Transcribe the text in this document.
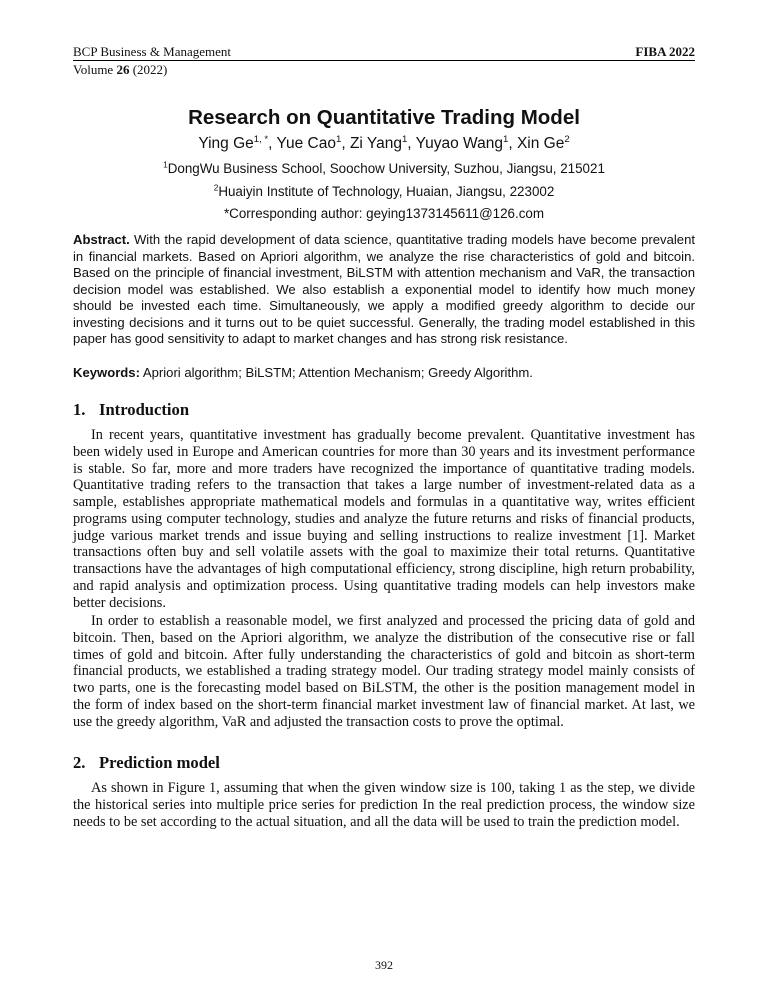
BCP Business & Management	FIBA 2022
Volume 26 (2022)
Research on Quantitative Trading Model
Ying $Ge^{1, *}$, Yue Cao$^1$, Zi Yang$^1$, Yuyao Wang$^1$, Xin Ge$^2$
$^1$DongWu Business School, Soochow University, Suzhou, Jiangsu, 215021
$^2$Huaiyin Institute of Technology, Huaian, Jiangsu, 223002
*Corresponding author: geying1373145611@126.com
Abstract. With the rapid development of data science, quantitative trading models have become prevalent in financial markets. Based on Apriori algorithm, we analyze the rise characteristics of gold and bitcoin. Based on the principle of financial investment, BiLSTM with attention mechanism and VaR, the transaction decision model was established. We also establish a exponential model to identify how much money should be invested each time. Simultaneously, we apply a modified greedy algorithm to decide our investing decisions and it turns out to be quiet successful. Generally, the trading model established in this paper has good sensitivity to adapt to market changes and has strong risk resistance.
Keywords: Apriori algorithm; BiLSTM; Attention Mechanism; Greedy Algorithm.
1. Introduction
In recent years, quantitative investment has gradually become prevalent. Quantitative investment has been widely used in Europe and American countries for more than 30 years and its investment performance is stable. So far, more and more traders have recognized the importance of quantitative trading models. Quantitative trading refers to the transaction that takes a large number of investment-related data as a sample, establishes appropriate mathematical models and formulas in a quantitative way, writes efficient programs using computer technology, studies and analyze the future returns and risks of financial products, judge various market trends and issue buying and selling instructions to realize investment [1]. Market transactions often buy and sell volatile assets with the goal to maximize their total returns. Quantitative transactions have the advantages of high computational efficiency, strong discipline, high return probability, and rapid analysis and optimization process. Using quantitative trading models can help investors make better decisions.
In order to establish a reasonable model, we first analyzed and processed the pricing data of gold and bitcoin. Then, based on the Apriori algorithm, we analyze the distribution of the consecutive rise or fall times of gold and bitcoin. After fully understanding the characteristics of gold and bitcoin as short-term financial products, we established a trading strategy model. Our trading strategy model mainly consists of two parts, one is the forecasting model based on BiLSTM, the other is the position management model in the form of index based on the short-term financial market investment law of financial market. At last, we use the greedy algorithm, VaR and adjusted the transaction costs to prove the optimal.
2. Prediction model
As shown in Figure 1, assuming that when the given window size is 100, taking 1 as the step, we divide the historical series into multiple price series for prediction In the real prediction process, the window size needs to be set according to the actual situation, and all the data will be used to train the prediction model.
392
